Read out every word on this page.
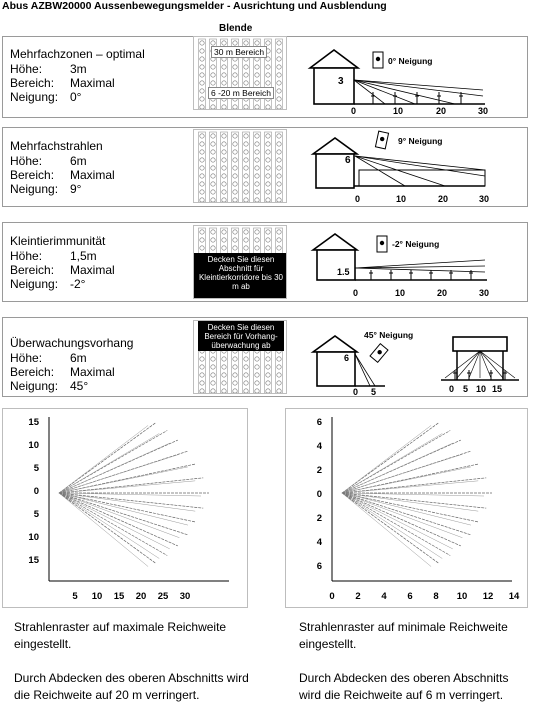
Abus AZBW20000 Aussenbewegungsmelder - Ausrichtung und Ausblendung
Mehrfachzonen – optimal
Höhe: 3m
Bereich: Maximal
Neigung: 0°
Blende
30 m Bereich
6 -20 m Bereich
3
0° Neigung
0	10	20	30
Mehrfachstrahlen
Höhe: 6m
Bereich: Maximal
Neigung: 9°
6
9° Neigung
0	10	20	30
Kleintierimmunität
Höhe: 1,5m
Bereich: Maximal
Neigung: -2°
Decken Sie diesen Abschnitt für Kleintierkorridore bis 30 m ab
1.5
-2° Neigung
0	10	20	30
Überwachungsvorhang
Höhe: 6m
Bereich: Maximal
Neigung: 45°
Decken Sie diesen Bereich für Vorhang-überwachung ab
6
45° Neigung
0 5	0 5 10 15
15
10
5
0
5
10
15
5 10 15 20 25 30
6
4
2
0
2
4
6
0 2 4 6 8 10 12 14

Strahlenraster auf maximale Reichweite eingestellt.

Durch Abdecken des oberen Abschnitts wird die Reichweite auf 20 m verringert.

Strahlenraster auf minimale Reichweite eingestellt.

Durch Abdecken des oberen Abschnitts wird die Reichweite auf 6 m verringert.
